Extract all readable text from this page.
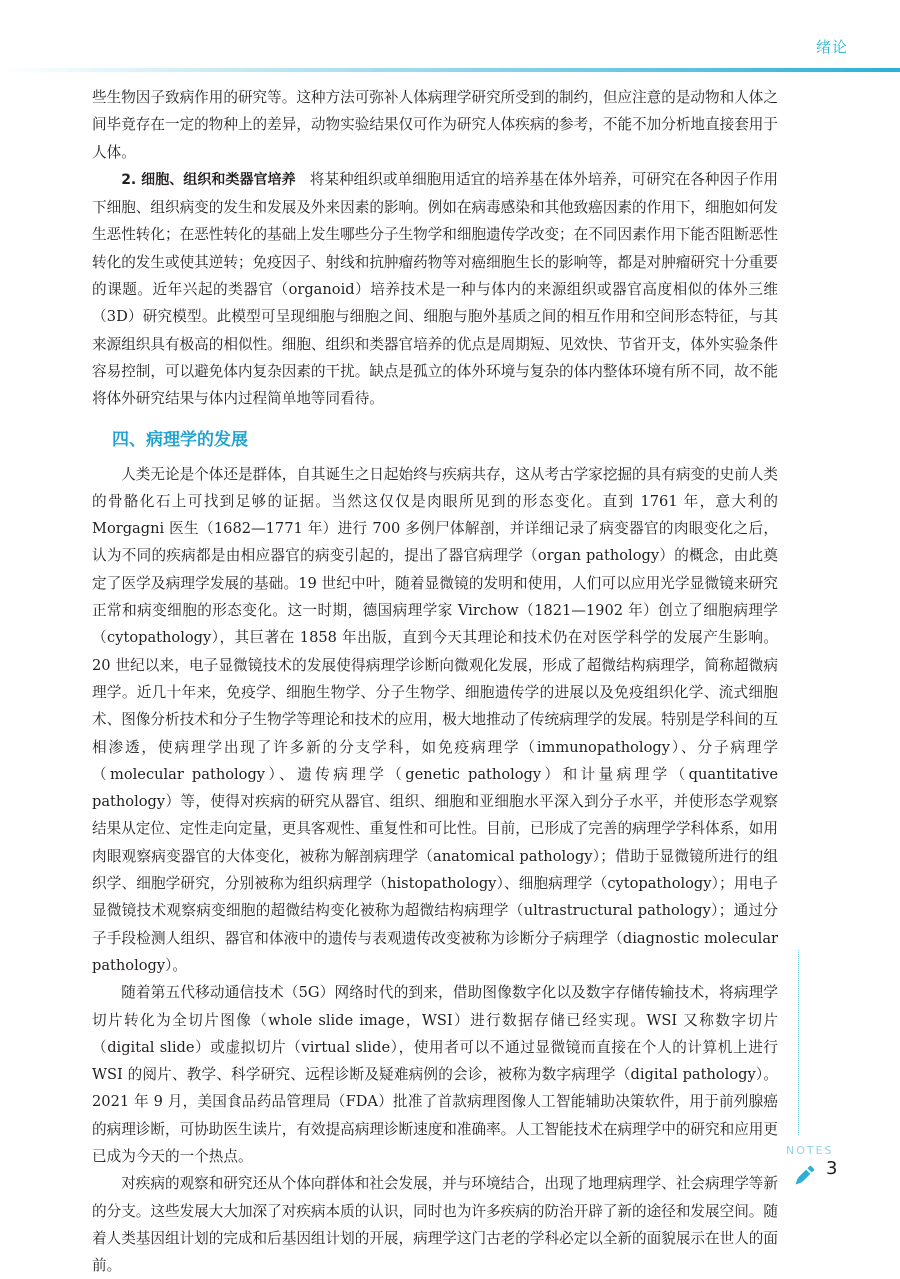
绪论

些生物因子致病作用的研究等。这种方法可弥补人体病理学研究所受到的制约，但应注意的是动物和人体之间毕竟存在一定的物种上的差异，动物实验结果仅可作为研究人体疾病的参考，不能不加分析地直接套用于人体。

2. 细胞、组织和类器官培养 将某种组织或单细胞用适宜的培养基在体外培养，可研究在各种因子作用下细胞、组织病变的发生和发展及外来因素的影响。例如在病毒感染和其他致癌因素的作用下，细胞如何发生恶性转化；在恶性转化的基础上发生哪些分子生物学和细胞遗传学改变；在不同因素作用下能否阻断恶性转化的发生或使其逆转；免疫因子、射线和抗肿瘤药物等对癌细胞生长的影响等，都是对肿瘤研究十分重要的课题。近年兴起的类器官（organoid）培养技术是一种与体内的来源组织或器官高度相似的体外三维（3D）研究模型。此模型可呈现细胞与细胞之间、细胞与胞外基质之间的相互作用和空间形态特征，与其来源组织具有极高的相似性。细胞、组织和类器官培养的优点是周期短、见效快、节省开支，体外实验条件容易控制，可以避免体内复杂因素的干扰。缺点是孤立的体外环境与复杂的体内整体环境有所不同，故不能将体外研究结果与体内过程简单地等同看待。

四、病理学的发展

人类无论是个体还是群体，自其诞生之日起始终与疾病共存，这从考古学家挖掘的具有病变的史前人类的骨骼化石上可找到足够的证据。当然这仅仅是肉眼所见到的形态变化。直到 1761 年，意大利的 Morgagni 医生（1682—1771 年）进行 700 多例尸体解剖，并详细记录了病变器官的肉眼变化之后，认为不同的疾病都是由相应器官的病变引起的，提出了器官病理学（organ pathology）的概念，由此奠定了医学及病理学发展的基础。19 世纪中叶，随着显微镜的发明和使用，人们可以应用光学显微镜来研究正常和病变细胞的形态变化。这一时期，德国病理学家 Virchow（1821—1902 年）创立了细胞病理学（cytopathology），其巨著在 1858 年出版，直到今天其理论和技术仍在对医学科学的发展产生影响。20 世纪以来，电子显微镜技术的发展使得病理学诊断向微观化发展，形成了超微结构病理学，简称超微病理学。近几十年来，免疫学、细胞生物学、分子生物学、细胞遗传学的进展以及免疫组织化学、流式细胞术、图像分析技术和分子生物学等理论和技术的应用，极大地推动了传统病理学的发展。特别是学科间的互相渗透，使病理学出现了许多新的分支学科，如免疫病理学（immunopathology）、分子病理学（molecular pathology）、遗传病理学（genetic pathology）和计量病理学（quantitative pathology）等，使得对疾病的研究从器官、组织、细胞和亚细胞水平深入到分子水平，并使形态学观察结果从定位、定性走向定量，更具客观性、重复性和可比性。目前，已形成了完善的病理学学科体系，如用肉眼观察病变器官的大体变化，被称为解剖病理学（anatomical pathology）；借助于显微镜所进行的组织学、细胞学研究，分别被称为组织病理学（histopathology）、细胞病理学（cytopathology）；用电子显微镜技术观察病变细胞的超微结构变化被称为超微结构病理学（ultrastructural pathology）；通过分子手段检测人组织、器官和体液中的遗传与表观遗传改变被称为诊断分子病理学（diagnostic molecular pathology）。

随着第五代移动通信技术（5G）网络时代的到来，借助图像数字化以及数字存储传输技术，将病理学切片转化为全切片图像（whole slide image，WSI）进行数据存储已经实现。WSI 又称数字切片（digital slide）或虚拟切片（virtual slide），使用者可以不通过显微镜而直接在个人的计算机上进行 WSI 的阅片、教学、科学研究、远程诊断及疑难病例的会诊，被称为数字病理学（digital pathology）。2021 年 9 月，美国食品药品管理局（FDA）批准了首款病理图像人工智能辅助决策软件，用于前列腺癌的病理诊断，可协助医生读片，有效提高病理诊断速度和准确率。人工智能技术在病理学中的研究和应用更已成为今天的一个热点。

对疾病的观察和研究还从个体向群体和社会发展，并与环境结合，出现了地理病理学、社会病理学等新的分支。这些发展大大加深了对疾病本质的认识，同时也为许多疾病的防治开辟了新的途径和发展空间。随着人类基因组计划的完成和后基因组计划的开展，病理学这门古老的学科必定以全新的面貌展示在世人的面前。

NOTES
3
